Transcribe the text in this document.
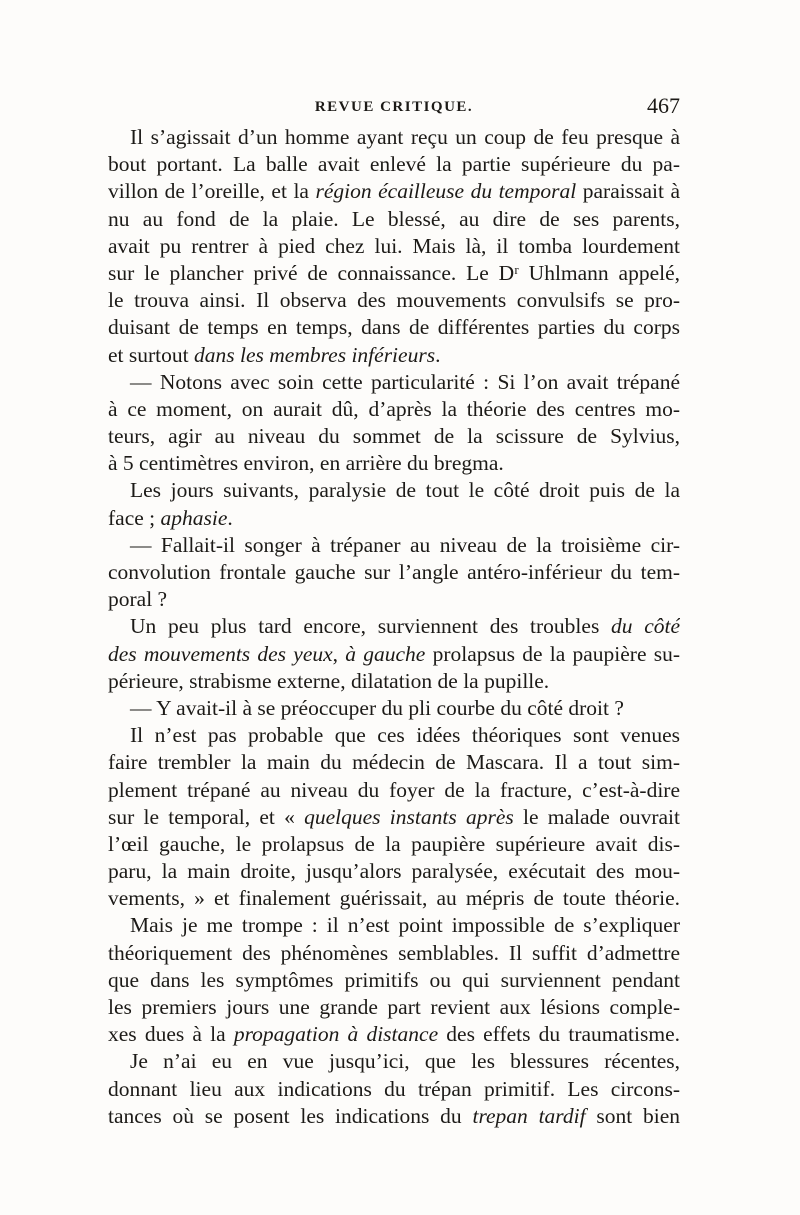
REVUE CRITIQUE.	467
Il s’agissait d’un homme ayant reçu un coup de feu presque à
bout portant. La balle avait enlevé la partie supérieure du pa-
villon de l’oreille, et la région écailleuse du temporal paraissait à
nu au fond de la plaie. Le blessé, au dire de ses parents,
avait pu rentrer à pied chez lui. Mais là, il tomba lourdement
sur le plancher privé de connaissance. Le Dʳ Uhlmann appelé,
le trouva ainsi. Il observa des mouvements convulsifs se pro-
duisant de temps en temps, dans de différentes parties du corps
et surtout dans les membres inférieurs.
— Notons avec soin cette particularité : Si l’on avait trépané
à ce moment, on aurait dû, d’après la théorie des centres mo-
teurs, agir au niveau du sommet de la scissure de Sylvius,
à 5 centimètres environ, en arrière du bregma.
Les jours suivants, paralysie de tout le côté droit puis de la
face ; aphasie.
— Fallait-il songer à trépaner au niveau de la troisième cir-
convolution frontale gauche sur l’angle antéro-inférieur du tem-
poral ?
Un peu plus tard encore, surviennent des troubles du côté
des mouvements des yeux, à gauche prolapsus de la paupière su-
périeure, strabisme externe, dilatation de la pupille.
— Y avait-il à se préoccuper du pli courbe du côté droit ?
Il n’est pas probable que ces idées théoriques sont venues
faire trembler la main du médecin de Mascara. Il a tout sim-
plement trépané au niveau du foyer de la fracture, c’est-à-dire
sur le temporal, et « quelques instants après le malade ouvrait
l’œil gauche, le prolapsus de la paupière supérieure avait dis-
paru, la main droite, jusqu’alors paralysée, exécutait des mou-
vements, » et finalement guérissait, au mépris de toute théorie.
Mais je me trompe : il n’est point impossible de s’expliquer
théoriquement des phénomènes semblables. Il suffit d’admettre
que dans les symptômes primitifs ou qui surviennent pendant
les premiers jours une grande part revient aux lésions comple-
xes dues à la propagation à distance des effets du traumatisme.
Je n’ai eu en vue jusqu’ici, que les blessures récentes,
donnant lieu aux indications du trépan primitif. Les circons-
tances où se posent les indications du trepan tardif sont bien
